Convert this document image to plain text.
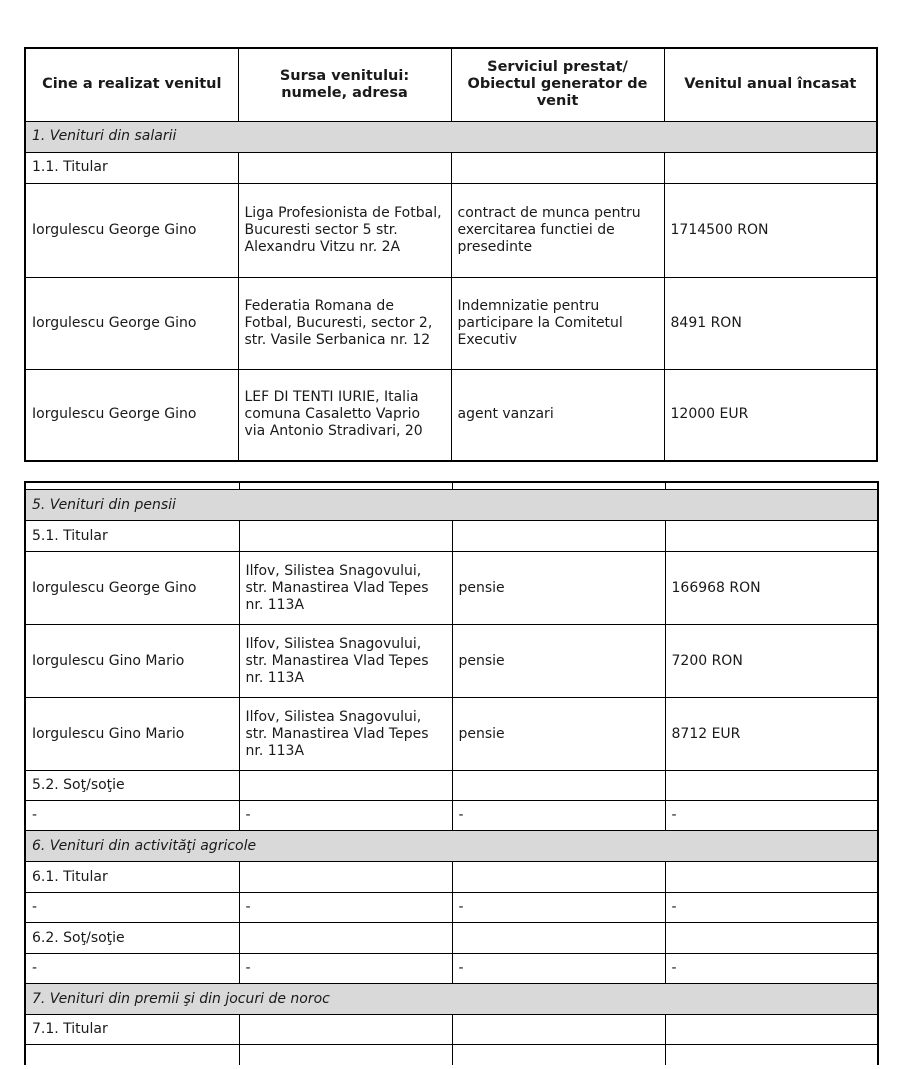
Cine a realizat venitul	Sursa venitului: numele, adresa	Serviciul prestat/ Obiectul generator de venit	Venitul anual încasat
1. Venituri din salarii			
1.1. Titular			
Iorgulescu George Gino	Liga Profesionista de Fotbal, Bucuresti sector 5 str. Alexandru Vitzu nr. 2A	contract de munca pentru exercitarea functiei de presedinte	1714500 RON
Iorgulescu George Gino	Federatia Romana de Fotbal, Bucuresti, sector 2, str. Vasile Serbanica nr. 12	Indemnizatie pentru participare la Comitetul Executiv	8491 RON
Iorgulescu George Gino	LEF DI TENTI IURIE, Italia comuna Casaletto Vaprio via Antonio Stradivari, 20	agent vanzari	12000 EUR

5. Venituri din pensii			
5.1. Titular			
Iorgulescu George Gino	Ilfov, Silistea Snagovului, str. Manastirea Vlad Tepes nr. 113A	pensie	166968 RON
Iorgulescu Gino Mario	Ilfov, Silistea Snagovului, str. Manastirea Vlad Tepes nr. 113A	pensie	7200 RON
Iorgulescu Gino Mario	Ilfov, Silistea Snagovului, str. Manastirea Vlad Tepes nr. 113A	pensie	8712 EUR
5.2. Soţ/soţie			
-	-	-	-
6. Venituri din activităţi agricole			
6.1. Titular			
-	-	-	-
6.2. Soţ/soţie			
-	-	-	-
7. Venituri din premii şi din jocuri de noroc			
7.1. Titular			
